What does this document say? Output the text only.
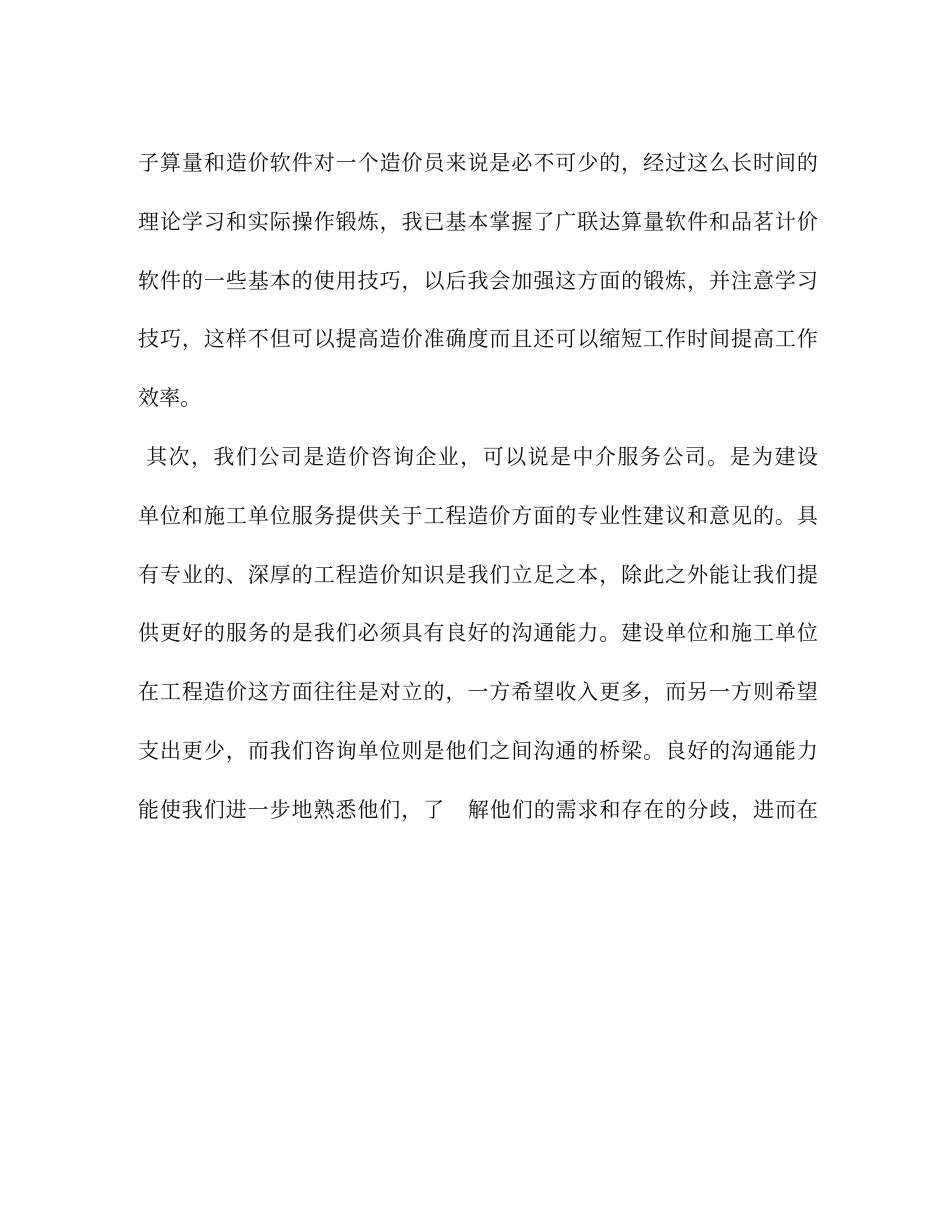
子算量和造价软件对一个造价员来说是必不可少的，经过这么长时间的
理论学习和实际操作锻炼，我已基本掌握了广联达算量软件和品茗计价
软件的一些基本的使用技巧，以后我会加强这方面的锻炼，并注意学习
技巧，这样不但可以提高造价准确度而且还可以缩短工作时间提高工作
效率。
其次，我们公司是造价咨询企业，可以说是中介服务公司。是为建设
单位和施工单位服务提供关于工程造价方面的专业性建议和意见的。具
有专业的、深厚的工程造价知识是我们立足之本，除此之外能让我们提
供更好的服务的是我们必须具有良好的沟通能力。建设单位和施工单位
在工程造价这方面往往是对立的，一方希望收入更多，而另一方则希望
支出更少，而我们咨询单位则是他们之间沟通的桥梁。良好的沟通能力
能使我们进一步地熟悉他们，了   解他们的需求和存在的分歧，进而在
